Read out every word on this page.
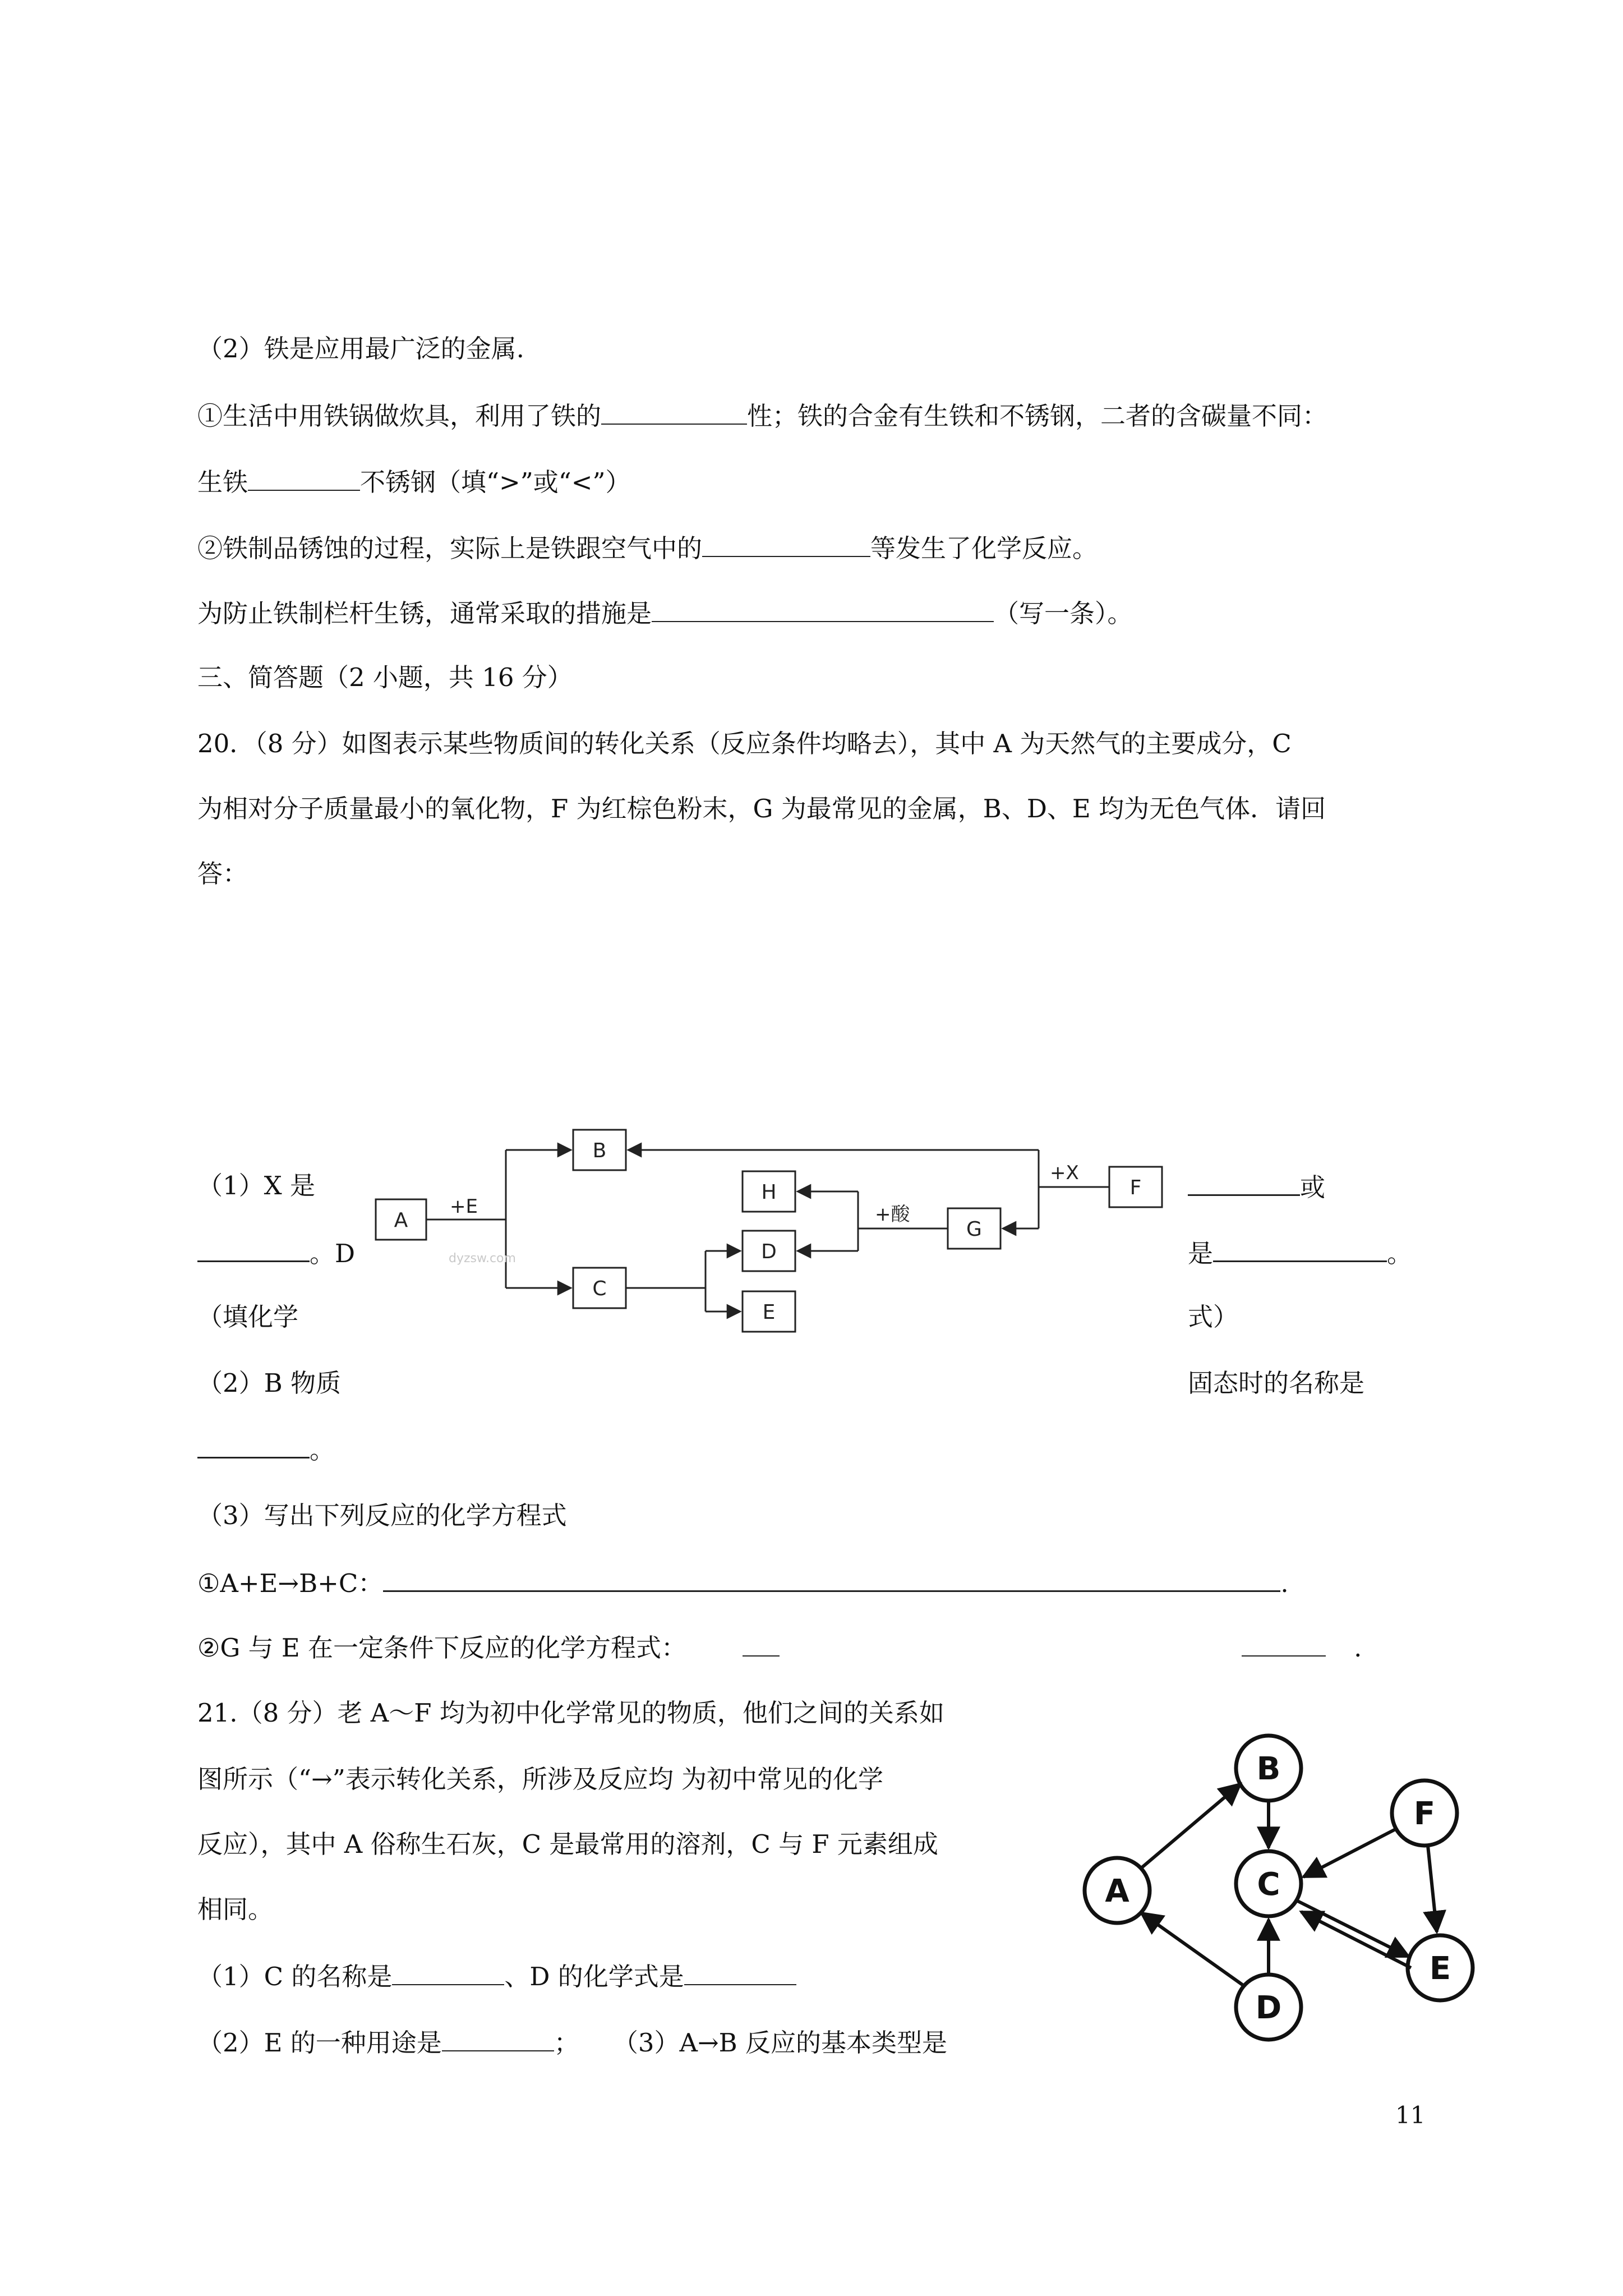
（2）铁是应用最广泛的金属.

①生活中用铁锅做炊具，利用了铁的	性；铁的合金有生铁和不锈钢，二者的含碳量不同：

生铁	不锈钢（填“>”或“<”）

②铁制品锈蚀的过程，实际上是铁跟空气中的	等发生了化学反应。

为防止铁制栏杆生锈，通常采取的措施是	（写一条）。

三、简答题（2 小题，共 16 分）

20．（8 分）如图表示某些物质间的转化关系（反应条件均略去），其中 A 为天然气的主要成分，C

为相对分子质量最小的氧化物，F 为红棕色粉末，G 为最常见的金属，B、D、E 均为无色气体．请回

答：

（1）X 是

。D

（填化学

（2）B 物质

。

或

是	。

式）

固态时的名称是

A
B
C
H
D
E
G
F
+E	+酸
+X
dyzsw.com

（3）写出下列反应的化学方程式

①A+E→B+C：	.

②G 与 E 在一定条件下反应的化学方程式：	.

21.（8 分）老 A～F 均为初中化学常见的物质，他们之间的关系如

图所示（“→”表示转化关系，所涉及反应均 为初中常见的化学

反应），其中 A 俗称生石灰，C 是最常用的溶剂，C 与 F 元素组成

相同。

（1）C 的名称是	、D 的化学式是

（2）E 的一种用途是	； （3）A→B 反应的基本类型是

A
B
C
D
E
F
11
